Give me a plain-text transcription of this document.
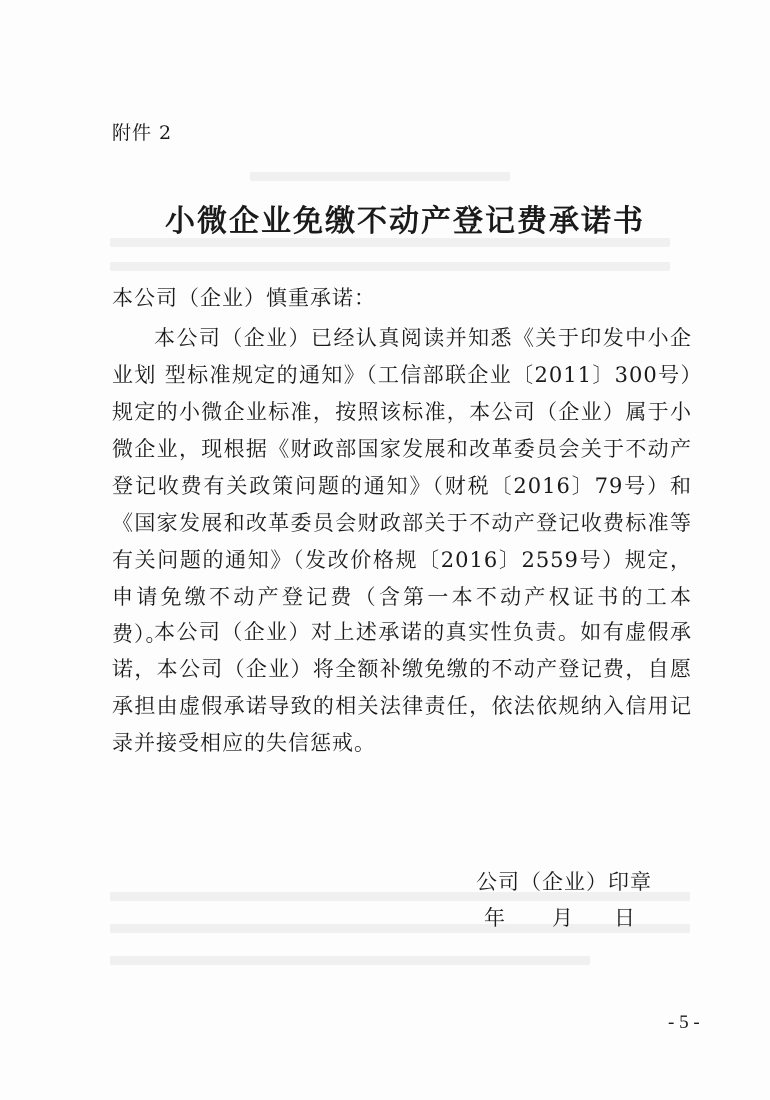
附件 2
小微企业免缴不动产登记费承诺书
本公司（企业）慎重承诺：
本公司（企业）已经认真阅读并知悉《关于印发中小企业划 型标准规定的通知》（工信部联企业〔2011〕300号）规定的小微企业标准，按照该标准，本公司（企业）属于小微企业，现根据《财政部国家发展和改革委员会关于不动产登记收费有关政策问题的通知》（财税〔2016〕79号）和《国家发展和改革委员会财政部关于不动产登记收费标准等有关问题的通知》（发改价格规〔2016〕2559号）规定，申请免缴不动产登记费（含第一本不动产权证书的工本费）。
本公司（企业）对上述承诺的真实性负责。如有虚假承诺，本公司（企业）将全额补缴免缴的不动产登记费，自愿承担由虚假承诺导致的相关法律责任，依法依规纳入信用记录并接受相应的失信惩戒。
公司（企业）印章
年 月 日
- 5 -
